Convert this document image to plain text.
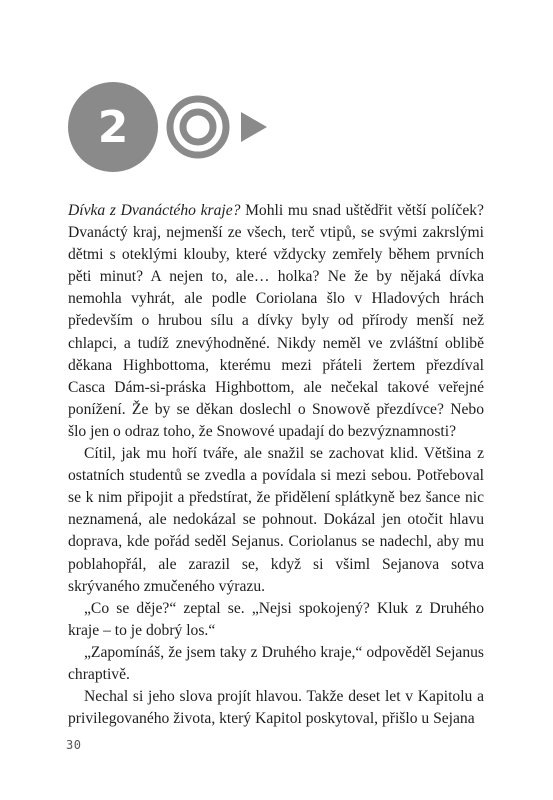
2

Dívka z Dvanáctého kraje? Mohli mu snad uštědřit větší políček? Dvanáctý kraj, nejmenší ze všech, terč vtipů, se svými zakrslými dětmi s oteklými klouby, které vždycky zemřely během prvních pěti minut? A nejen to, ale… holka? Ne že by nějaká dívka nemohla vyhrát, ale podle Coriolana šlo v Hladových hrách především o hrubou sílu a dívky byly od přírody menší než chlapci, a tudíž znevýhodněné. Nikdy neměl ve zvláštní oblibě děkana Highbottoma, kterému mezi přáteli žertem přezdíval Casca Dám-si-práska Highbottom, ale nečekal takové veřejné ponížení. Že by se děkan doslechl o Snowově přezdívce? Nebo šlo jen o odraz toho, že Snowové upadají do bezvýznamnosti?

Cítil, jak mu hoří tváře, ale snažil se zachovat klid. Většina z ostatních studentů se zvedla a povídala si mezi sebou. Potřeboval se k nim připojit a předstírat, že přidělení splátkyně bez šance nic neznamená, ale nedokázal se pohnout. Dokázal jen otočit hlavu doprava, kde pořád seděl Sejanus. Coriolanus se nadechl, aby mu poblahopřál, ale zarazil se, když si všiml Sejanova sotva skrývaného zmučeného výrazu.

„Co se děje?“ zeptal se. „Nejsi spokojený? Kluk z Druhého kraje – to je dobrý los.“

„Zapomínáš, že jsem taky z Druhého kraje,“ odpověděl Sejanus chraptivě.

Nechal si jeho slova projít hlavou. Takže deset let v Kapitolu a privilegovaného života, který Kapitol poskytoval, přišlo u Sejana

30
